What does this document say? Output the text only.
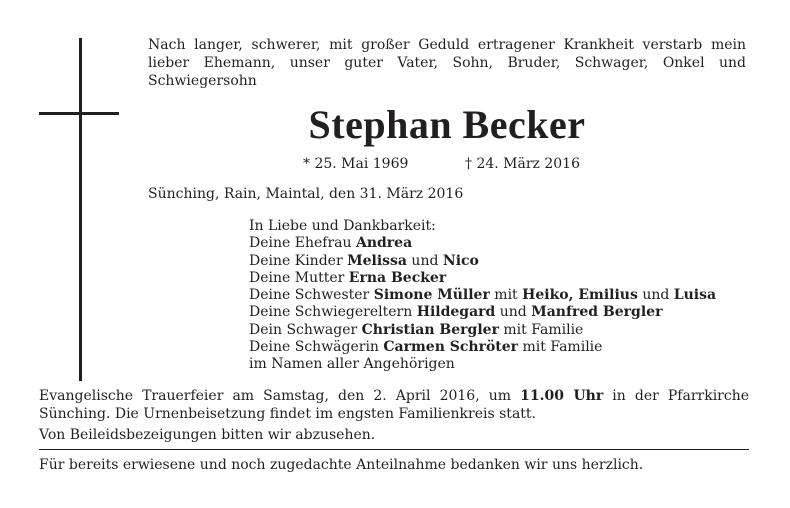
Nach langer, schwerer, mit großer Geduld ertragener Krankheit verstarb mein lieber Ehemann, unser guter Vater, Sohn, Bruder, Schwager, Onkel und Schwiegersohn
Stephan Becker
* 25. Mai 1969	† 24. März 2016
Sünching, Rain, Maintal, den 31. März 2016
In Liebe und Dankbarkeit:
Deine Ehefrau Andrea
Deine Kinder Melissa und Nico
Deine Mutter Erna Becker
Deine Schwester Simone Müller mit Heiko, Emilius und Luisa
Deine Schwiegereltern Hildegard und Manfred Bergler
Dein Schwager Christian Bergler mit Familie
Deine Schwägerin Carmen Schröter mit Familie
im Namen aller Angehörigen
Evangelische Trauerfeier am Samstag, den 2. April 2016, um 11.00 Uhr in der Pfarrkirche Sünching. Die Urnenbeisetzung findet im engsten Familienkreis statt.
Von Beileidsbezeigungen bitten wir abzusehen.
Für bereits erwiesene und noch zugedachte Anteilnahme bedanken wir uns herzlich.
